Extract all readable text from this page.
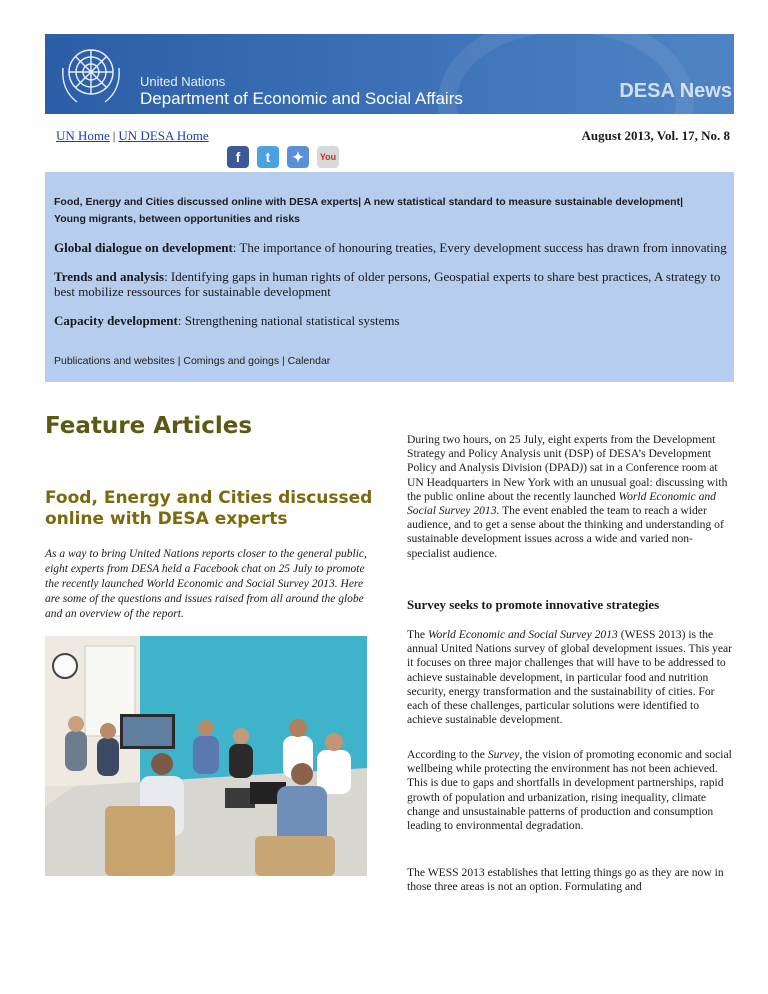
United Nations
Department of Economic and Social Affairs	DESA News
UN Home | UN DESA Home	August 2013, Vol. 17, No. 8
f	t	✦	You
Food, Energy and Cities discussed online with DESA experts| A new statistical standard to measure sustainable development| Young migrants, between opportunities and risks
Global dialogue on development: The importance of honouring treaties, Every development success has drawn from innovating
Trends and analysis: Identifying gaps in human rights of older persons, Geospatial experts to share best practices, A strategy to best mobilize ressources for sustainable development
Capacity development: Strengthening national statistical systems
Publications and websites | Comings and goings | Calendar
Feature Articles
Food, Energy and Cities discussed online with DESA experts
As a way to bring United Nations reports closer to the general public, eight experts from DESA held a Facebook chat on 25 July to promote the recently launched World Economic and Social Survey 2013. Here are some of the questions and issues raised from all around the globe and an overview of the report.
During two hours, on 25 July, eight experts from the Development Strategy and Policy Analysis unit (DSP) of DESA’s Development Policy and Analysis Division (DPAD)) sat in a Conference room at UN Headquarters in New York with an unusual goal: discussing with the public online about the recently launched World Economic and Social Survey 2013. The event enabled the team to reach a wider audience, and to get a sense about the thinking and understanding of sustainable development issues across a wide and varied non-specialist audience.
Survey seeks to promote innovative strategies
The World Economic and Social Survey 2013 (WESS 2013) is the annual United Nations survey of global development issues. This year it focuses on three major challenges that will have to be addressed to achieve sustainable development, in particular food and nutrition security, energy transformation and the sustainability of cities. For each of these challenges, particular solutions were identified to achieve sustainable development.
According to the Survey, the vision of promoting economic and social wellbeing while protecting the environment has not been achieved. This is due to gaps and shortfalls in development partnerships, rapid growth of population and urbanization, rising inequality, climate change and unsustainable patterns of production and consumption leading to environmental degradation.
The WESS 2013 establishes that letting things go as they are now in those three areas is not an option. Formulating and
